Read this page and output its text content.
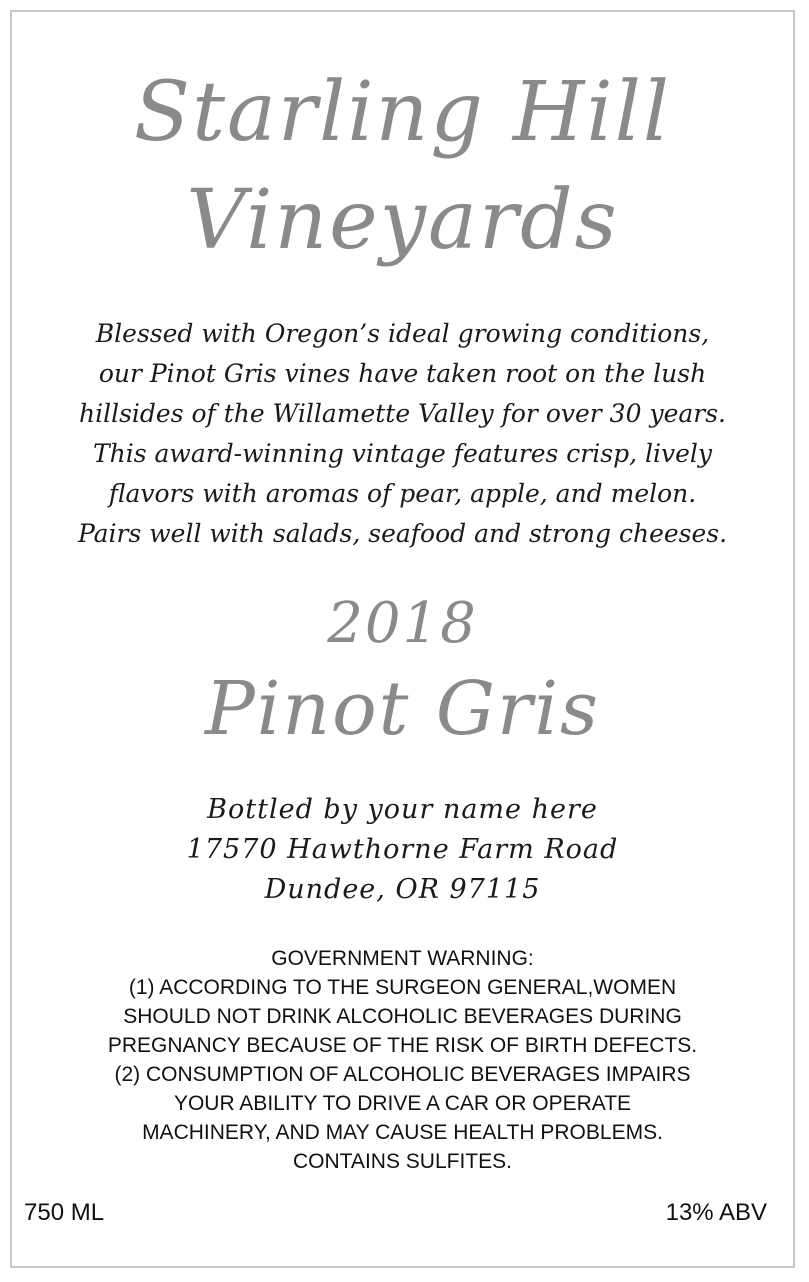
Starling Hill
Vineyards
Blessed with Oregon’s ideal growing conditions,
our Pinot Gris vines have taken root on the lush
hillsides of the Willamette Valley for over 30 years.
This award-winning vintage features crisp, lively
flavors with aromas of pear, apple, and melon.
Pairs well with salads, seafood and strong cheeses.
2018
Pinot Gris
Bottled by your name here
17570 Hawthorne Farm Road
Dundee, OR 97115
GOVERNMENT WARNING:
(1) ACCORDING TO THE SURGEON GENERAL,WOMEN
SHOULD NOT DRINK ALCOHOLIC BEVERAGES DURING
PREGNANCY BECAUSE OF THE RISK OF BIRTH DEFECTS.
(2) CONSUMPTION OF ALCOHOLIC BEVERAGES IMPAIRS
YOUR ABILITY TO DRIVE A CAR OR OPERATE
MACHINERY, AND MAY CAUSE HEALTH PROBLEMS.
CONTAINS SULFITES.
750 ML	13% ABV
